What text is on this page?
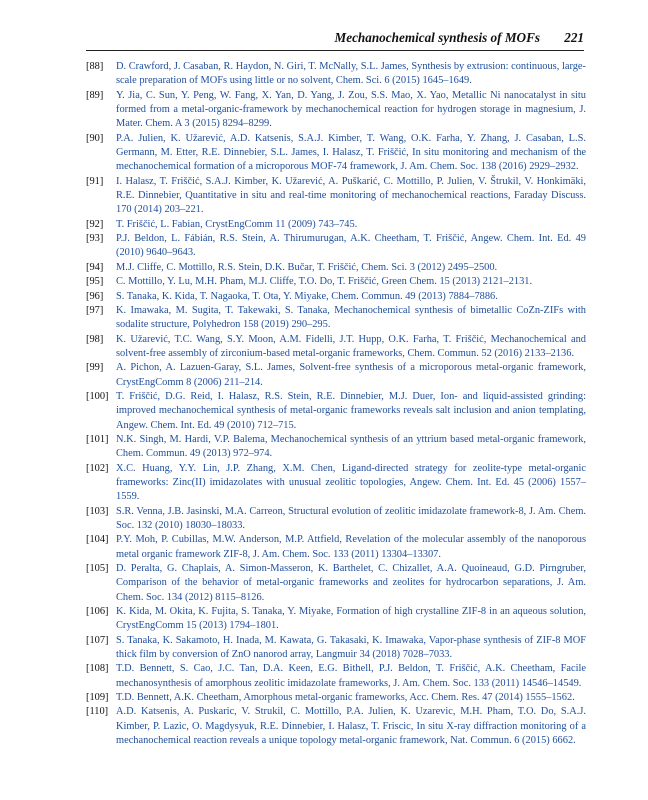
Mechanochemical synthesis of MOFs 221
[88] D. Crawford, J. Casaban, R. Haydon, N. Giri, T. McNally, S.L. James, Synthesis by extrusion: continuous, large-scale preparation of MOFs using little or no solvent, Chem. Sci. 6 (2015) 1645–1649.
[89] Y. Jia, C. Sun, Y. Peng, W. Fang, X. Yan, D. Yang, J. Zou, S.S. Mao, X. Yao, Metallic Ni nanocatalyst in situ formed from a metal-organic-framework by mechanochemical reaction for hydrogen storage in magnesium, J. Mater. Chem. A 3 (2015) 8294–8299.
[90] P.A. Julien, K. Užarević, A.D. Katsenis, S.A.J. Kimber, T. Wang, O.K. Farha, Y. Zhang, J. Casaban, L.S. Germann, M. Etter, R.E. Dinnebier, S.L. James, I. Halasz, T. Friščić, In situ monitoring and mechanism of the mechanochemical formation of a microporous MOF-74 framework, J. Am. Chem. Soc. 138 (2016) 2929–2932.
[91] I. Halasz, T. Friščić, S.A.J. Kimber, K. Užarević, A. Puškarić, C. Mottillo, P. Julien, V. Štrukil, V. Honkimäki, R.E. Dinnebier, Quantitative in situ and real-time monitoring of mechanochemical reactions, Faraday Discuss. 170 (2014) 203–221.
[92] T. Friščić, L. Fabian, CrystEngComm 11 (2009) 743–745.
[93] P.J. Beldon, L. Fábián, R.S. Stein, A. Thirumurugan, A.K. Cheetham, T. Friščić, Angew. Chem. Int. Ed. 49 (2010) 9640–9643.
[94] M.J. Cliffe, C. Mottillo, R.S. Stein, D.K. Bučar, T. Friščić, Chem. Sci. 3 (2012) 2495–2500.
[95] C. Mottillo, Y. Lu, M.H. Pham, M.J. Cliffe, T.O. Do, T. Friščić, Green Chem. 15 (2013) 2121–2131.
[96] S. Tanaka, K. Kida, T. Nagaoka, T. Ota, Y. Miyake, Chem. Commun. 49 (2013) 7884–7886.
[97] K. Imawaka, M. Sugita, T. Takewaki, S. Tanaka, Mechanochemical synthesis of bimetallic CoZn-ZIFs with sodalite structure, Polyhedron 158 (2019) 290–295.
[98] K. Užarević, T.C. Wang, S.Y. Moon, A.M. Fidelli, J.T. Hupp, O.K. Farha, T. Friščić, Mechanochemical and solvent-free assembly of zirconium-based metal-organic frameworks, Chem. Commun. 52 (2016) 2133–2136.
[99] A. Pichon, A. Lazuen-Garay, S.L. James, Solvent-free synthesis of a microporous metal-organic framework, CrystEngComm 8 (2006) 211–214.
[100] T. Friščić, D.G. Reid, I. Halasz, R.S. Stein, R.E. Dinnebier, M.J. Duer, Ion- and liquid-assisted grinding: improved mechanochemical synthesis of metal-organic frameworks reveals salt inclusion and anion templating, Angew. Chem. Int. Ed. 49 (2010) 712–715.
[101] N.K. Singh, M. Hardi, V.P. Balema, Mechanochemical synthesis of an yttrium based metal-organic framework, Chem. Commun. 49 (2013) 972–974.
[102] X.C. Huang, Y.Y. Lin, J.P. Zhang, X.M. Chen, Ligand-directed strategy for zeolite-type metal-organic frameworks: Zinc(II) imidazolates with unusual zeolitic topologies, Angew. Chem. Int. Ed. 45 (2006) 1557–1559.
[103] S.R. Venna, J.B. Jasinski, M.A. Carreon, Structural evolution of zeolitic imidazolate framework-8, J. Am. Chem. Soc. 132 (2010) 18030–18033.
[104] P.Y. Moh, P. Cubillas, M.W. Anderson, M.P. Attfield, Revelation of the molecular assembly of the nanoporous metal organic framework ZIF-8, J. Am. Chem. Soc. 133 (2011) 13304–13307.
[105] D. Peralta, G. Chaplais, A. Simon-Masseron, K. Barthelet, C. Chizallet, A.A. Quoineaud, G.D. Pirngruber, Comparison of the behavior of metal-organic frameworks and zeolites for hydrocarbon separations, J. Am. Chem. Soc. 134 (2012) 8115–8126.
[106] K. Kida, M. Okita, K. Fujita, S. Tanaka, Y. Miyake, Formation of high crystalline ZIF-8 in an aqueous solution, CrystEngComm 15 (2013) 1794–1801.
[107] S. Tanaka, K. Sakamoto, H. Inada, M. Kawata, G. Takasaki, K. Imawaka, Vapor-phase synthesis of ZIF-8 MOF thick film by conversion of ZnO nanorod array, Langmuir 34 (2018) 7028–7033.
[108] T.D. Bennett, S. Cao, J.C. Tan, D.A. Keen, E.G. Bithell, P.J. Beldon, T. Friščić, A.K. Cheetham, Facile mechanosynthesis of amorphous zeolitic imidazolate frameworks, J. Am. Chem. Soc. 133 (2011) 14546–14549.
[109] T.D. Bennett, A.K. Cheetham, Amorphous metal-organic frameworks, Acc. Chem. Res. 47 (2014) 1555–1562.
[110] A.D. Katsenis, A. Puskaric, V. Strukil, C. Mottillo, P.A. Julien, K. Uzarevic, M.H. Pham, T.O. Do, S.A.J. Kimber, P. Lazic, O. Magdysyuk, R.E. Dinnebier, I. Halasz, T. Friscic, In situ X-ray diffraction monitoring of a mechanochemical reaction reveals a unique topology metal-organic framework, Nat. Commun. 6 (2015) 6662.
